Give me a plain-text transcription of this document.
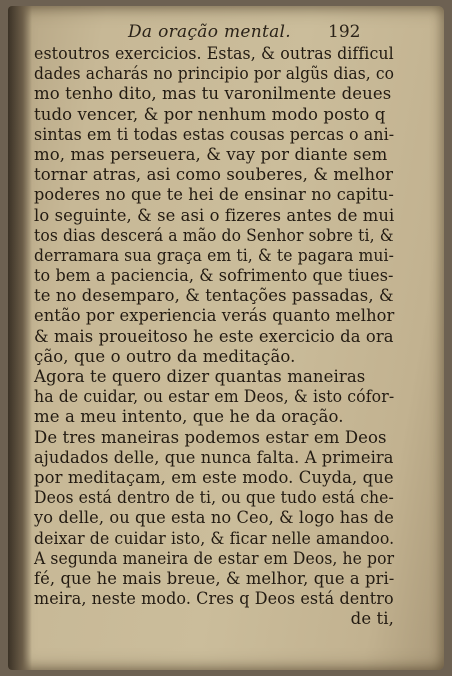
Da oração mental. 192
estoutros exercicios. Estas, & outras difficul
dades acharás no principio por algũs dias, co
mo tenho dito, mas tu varonilmente deues
tudo vencer, & por nenhum modo posto q
sintas em ti todas estas cousas percas o ani-
mo, mas perseuera, & vay por diante sem
tornar atras, asi como souberes, & melhor
poderes no que te hei de ensinar no capitu-
lo seguinte, & se asi o fizeres antes de mui
tos dias descerá a mão do Senhor sobre ti, &
derramara sua graça em ti, & te pagara mui-
to bem a paciencia, & sofrimento que tiues-
te no desemparo, & tentações passadas, &
então por experiencia verás quanto melhor
& mais proueitoso he este exercicio da ora
ção, que o outro da meditação.
Agora te quero dizer quantas maneiras
ha de cuidar, ou estar em Deos, & isto cófor-
me a meu intento, que he da oração.
De tres maneiras podemos estar em Deos
ajudados delle, que nunca falta. A primeira
por meditaçam, em este modo. Cuyda, que
Deos está dentro de ti, ou que tudo está che-
yo delle, ou que esta no Ceo, & logo has de
deixar de cuidar isto, & ficar nelle amandoo.
A segunda maneira de estar em Deos, he por
fé, que he mais breue, & melhor, que a pri-
meira, neste modo. Cres q Deos está dentro
de ti,
